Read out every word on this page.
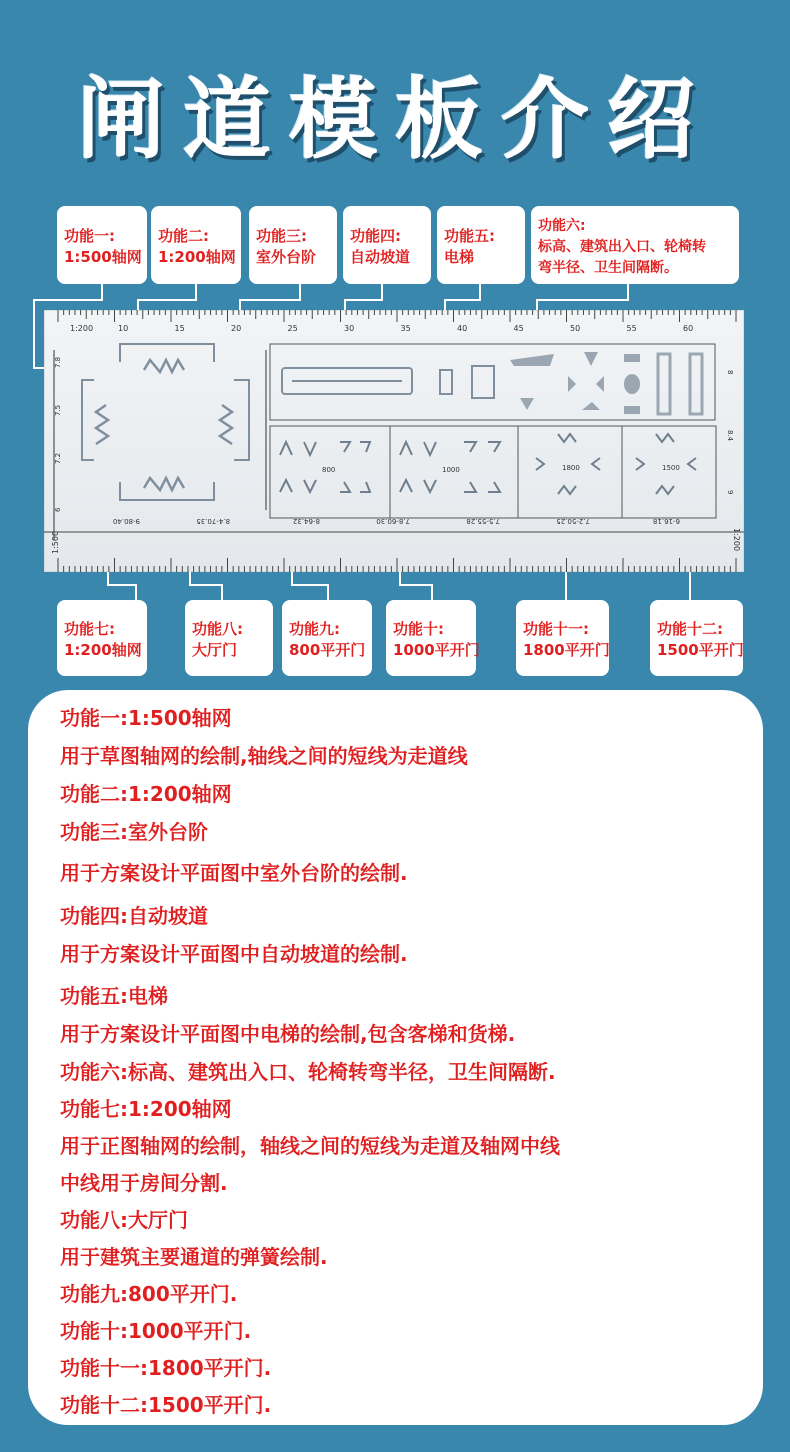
闸道模板介绍
功能一:
1:500轴网
功能二:
1:200轴网
功能三:
室外台阶
功能四:
自动坡道
功能五:
电梯
功能六:
标高、建筑出入口、轮椅转
弯半径、卫生间隔断。
1:200	10	15	20	25	30	35	40	45	50	55	60
1:500	1:200
7.8
7.5
7.2
6
8
8.4
9
9-80.40	8.4-70.35	8-64.32	7.8-60.30	7.5-55.28	7.2-50.25	6-16.18
800	1000	1800	1500
功能七:
1:200轴网
功能八:
大厅门
功能九:
800平开门
功能十:
1000平开门
功能十一:
1800平开门
功能十二:
1500平开门
功能一:1:500轴网
用于草图轴网的绘制,轴线之间的短线为走道线
功能二:1:200轴网
功能三:室外台阶
用于方案设计平面图中室外台阶的绘制.
功能四:自动坡道
用于方案设计平面图中自动坡道的绘制.
功能五:电梯
用于方案设计平面图中电梯的绘制,包含客梯和货梯.
功能六:标高、建筑出入口、轮椅转弯半径，卫生间隔断.
功能七:1:200轴网
用于正图轴网的绘制，轴线之间的短线为走道及轴网中线
中线用于房间分割.
功能八:大厅门
用于建筑主要通道的弹簧绘制.
功能九:800平开门.
功能十:1000平开门.
功能十一:1800平开门.
功能十二:1500平开门.
